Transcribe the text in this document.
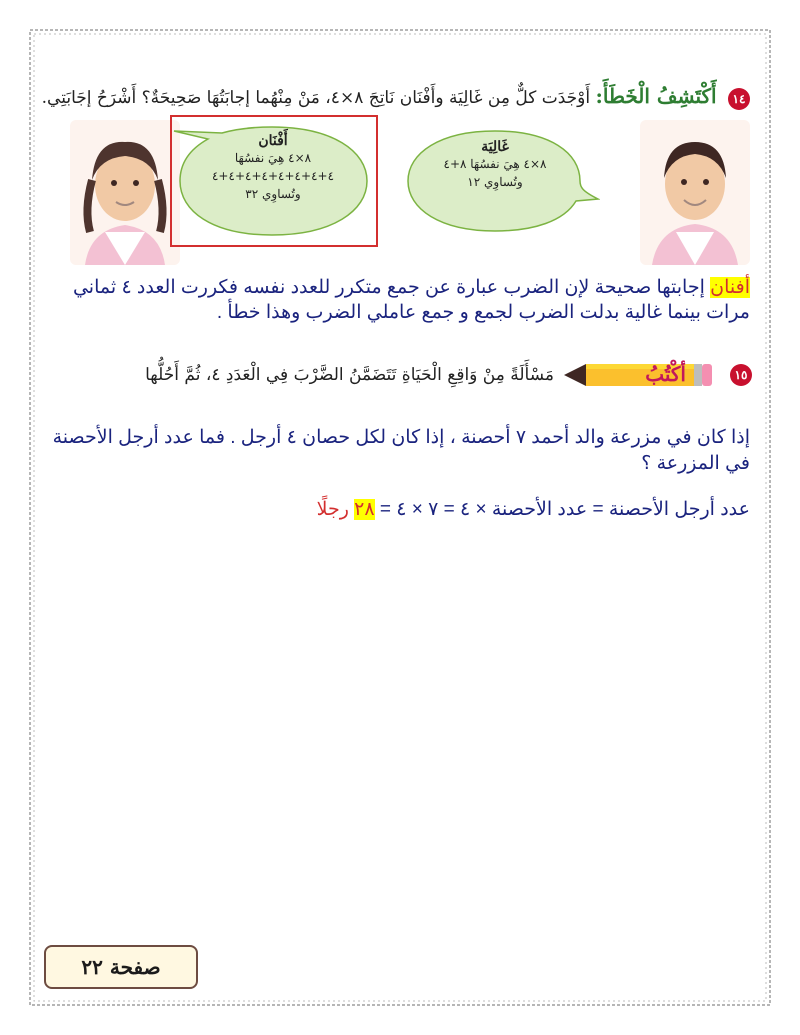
١٤ أَكْتَشِفُ الْخَطَأَ: أَوْجَدَت كلٌّ مِن غَالِيَة وأَفْنَان نَاتِجَ ٨×٤، مَنْ مِنْهُما إجابَتُهَا صَحِيحَةٌ؟ أَشْرَحُ إجَابَتِي.
أَفْنَان
٨×٤ هِيَ نفسُهَا
٤+٤+٤+٤+٤+٤+٤+٤
وتُساوِي ٣٢
غَالِيَة
٨×٤ هِيَ نفسُهَا ٨+٤
وتُساوِي ١٢
أفنان إجابتها صحيحة لإن الضرب عبارة عن جمع متكرر للعدد نفسه فكررت العدد ٤ ثماني مرات بينما غالية بدلت الضرب لجمع و جمع عاملي الضرب وهذا خطأ .
١٥
أكْتُبُ
مَسْأَلَةً مِنْ وَاقِعِ الْحَيَاةِ تَتَضَمَّنُ الضَّرْبَ فِي الْعَدَدِ ٤، ثُمَّ أَحُلُّها
إذا كان في مزرعة والد أحمد ٧ أحصنة ، إذا كان لكل حصان ٤ أرجل . فما عدد أرجل الأحصنة في المزرعة ؟
عدد أرجل الأحصنة = عدد الأحصنة × ٤ = ٧ × ٤ = ٢٨ رجلًا
صفحة ٢٢
